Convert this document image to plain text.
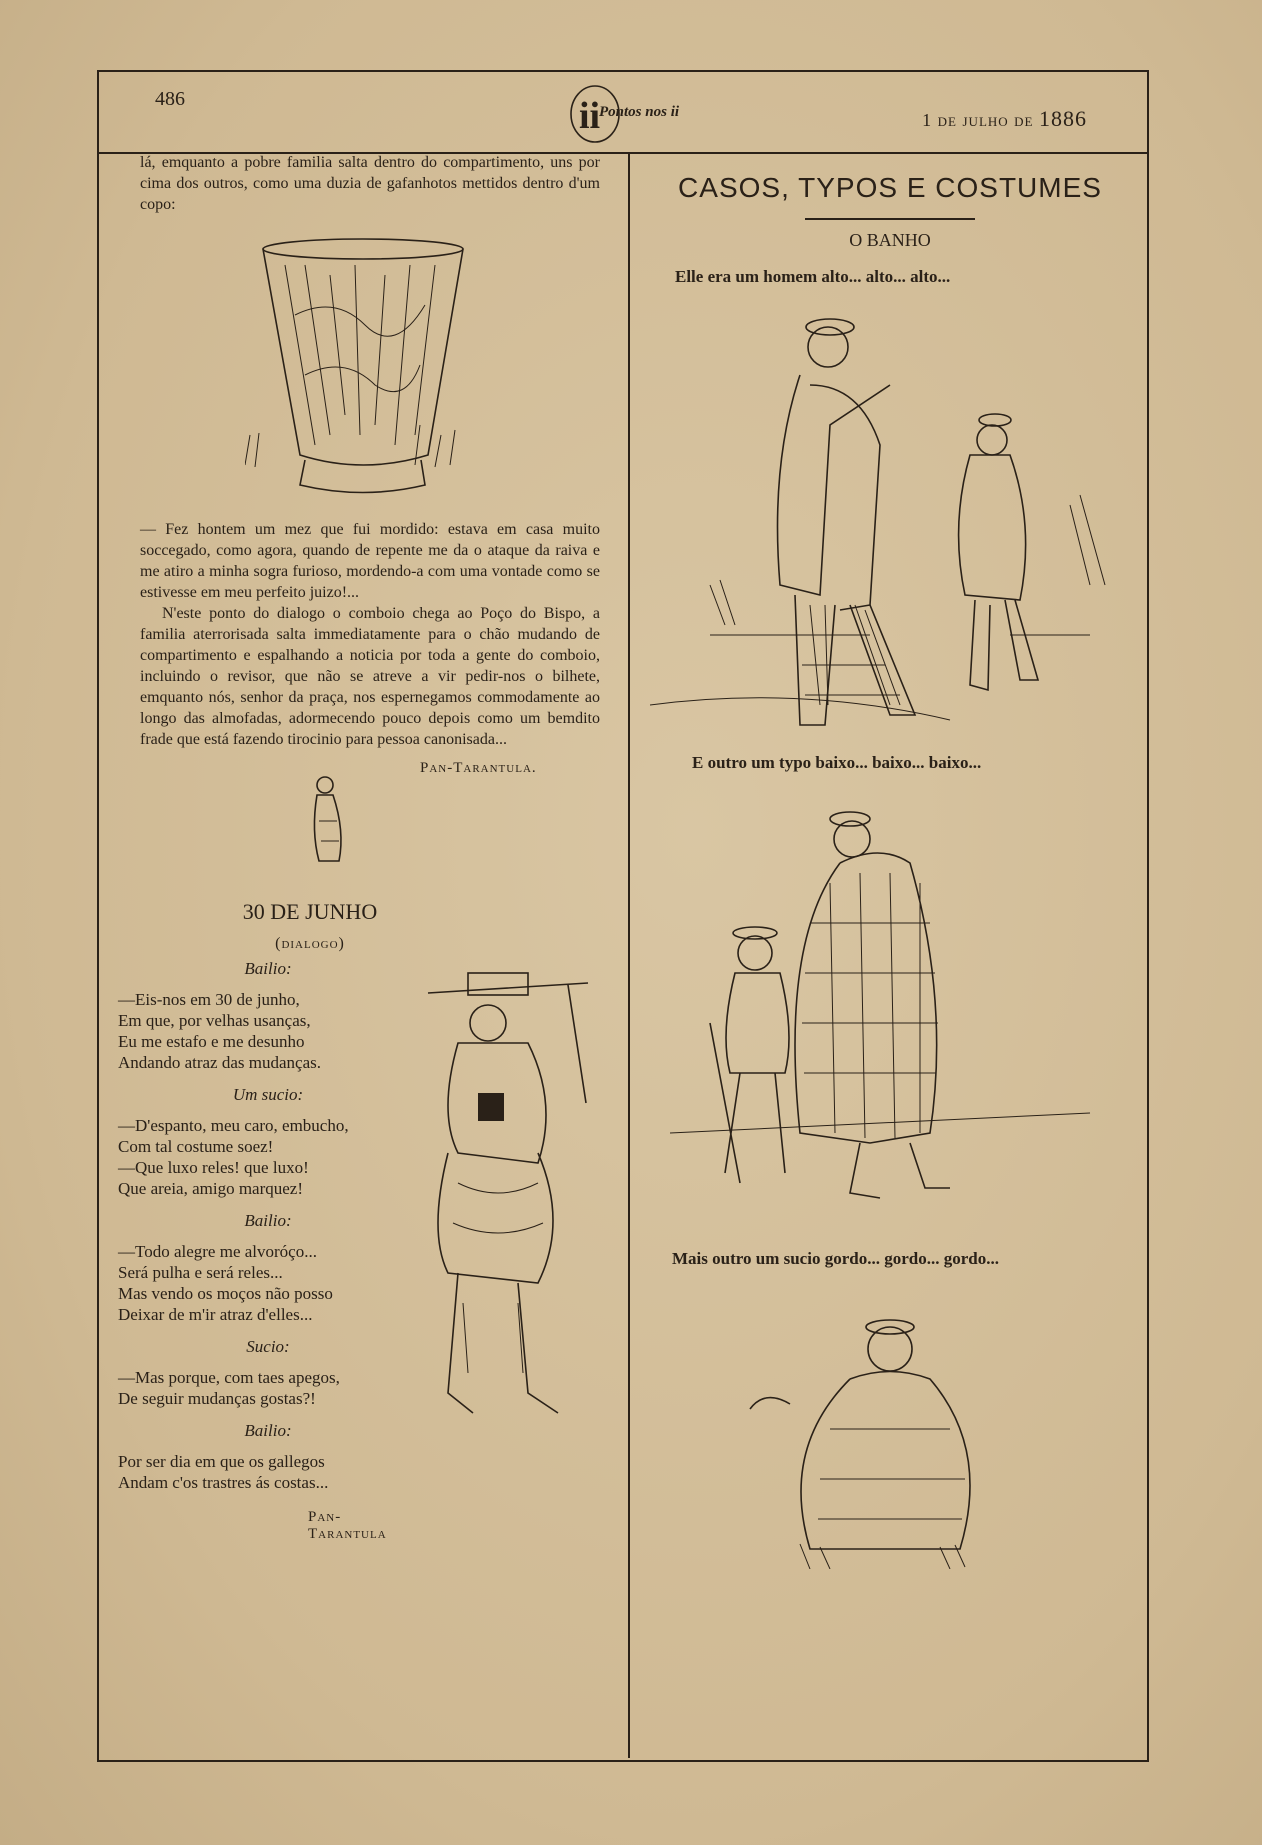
486	ii
Pontos nos ii	1 de julho de 1886

lá, emquanto a pobre familia salta dentro do compartimento, uns por cima dos outros, como uma duzia de gafanhotos mettidos dentro d'um copo:

— Fez hontem um mez que fui mordido: estava em casa muito soccegado, como agora, quando de repente me da o ataque da raiva e me atiro a minha sogra furioso, mordendo-a com uma vontade como se estivesse em meu perfeito juizo!...

N'este ponto do dialogo o comboio chega ao Poço do Bispo, a familia aterrorisada salta immediatamente para o chão mudando de compartimento e espalhando a noticia por toda a gente do comboio, incluindo o revisor, que não se atreve a vir pedir-nos o bilhete, emquanto nós, senhor da praça, nos espernegamos commodamente ao longo das almofadas, adormecendo pouco depois como um bemdito frade que está fazendo tirocinio para pessoa canonisada...

Pan-Tarantula.
30 DE JUNHO
(dialogo)
Bailio:
—Eis-nos em 30 de junho,
Em que, por velhas usanças,
Eu me estafo e me desunho
Andando atraz das mudanças.
Um sucio:
—D'espanto, meu caro, embucho,
Com tal costume soez!
—Que luxo reles! que luxo!
Que areia, amigo marquez!
Bailio:
—Todo alegre me alvoróço...
Será pulha e será reles...
Mas vendo os moços não posso
Deixar de m'ir atraz d'elles...
Sucio:
—Mas porque, com taes apegos,
De seguir mudanças gostas?!
Bailio:
Por ser dia em que os gallegos
Andam c'os trastres ás costas...
Pan-Tarantula
CASOS, TYPOS E COSTUMES
O BANHO
Elle era um homem alto... alto... alto...
E outro um typo baixo... baixo... baixo...
Mais outro um sucio gordo... gordo... gordo...
